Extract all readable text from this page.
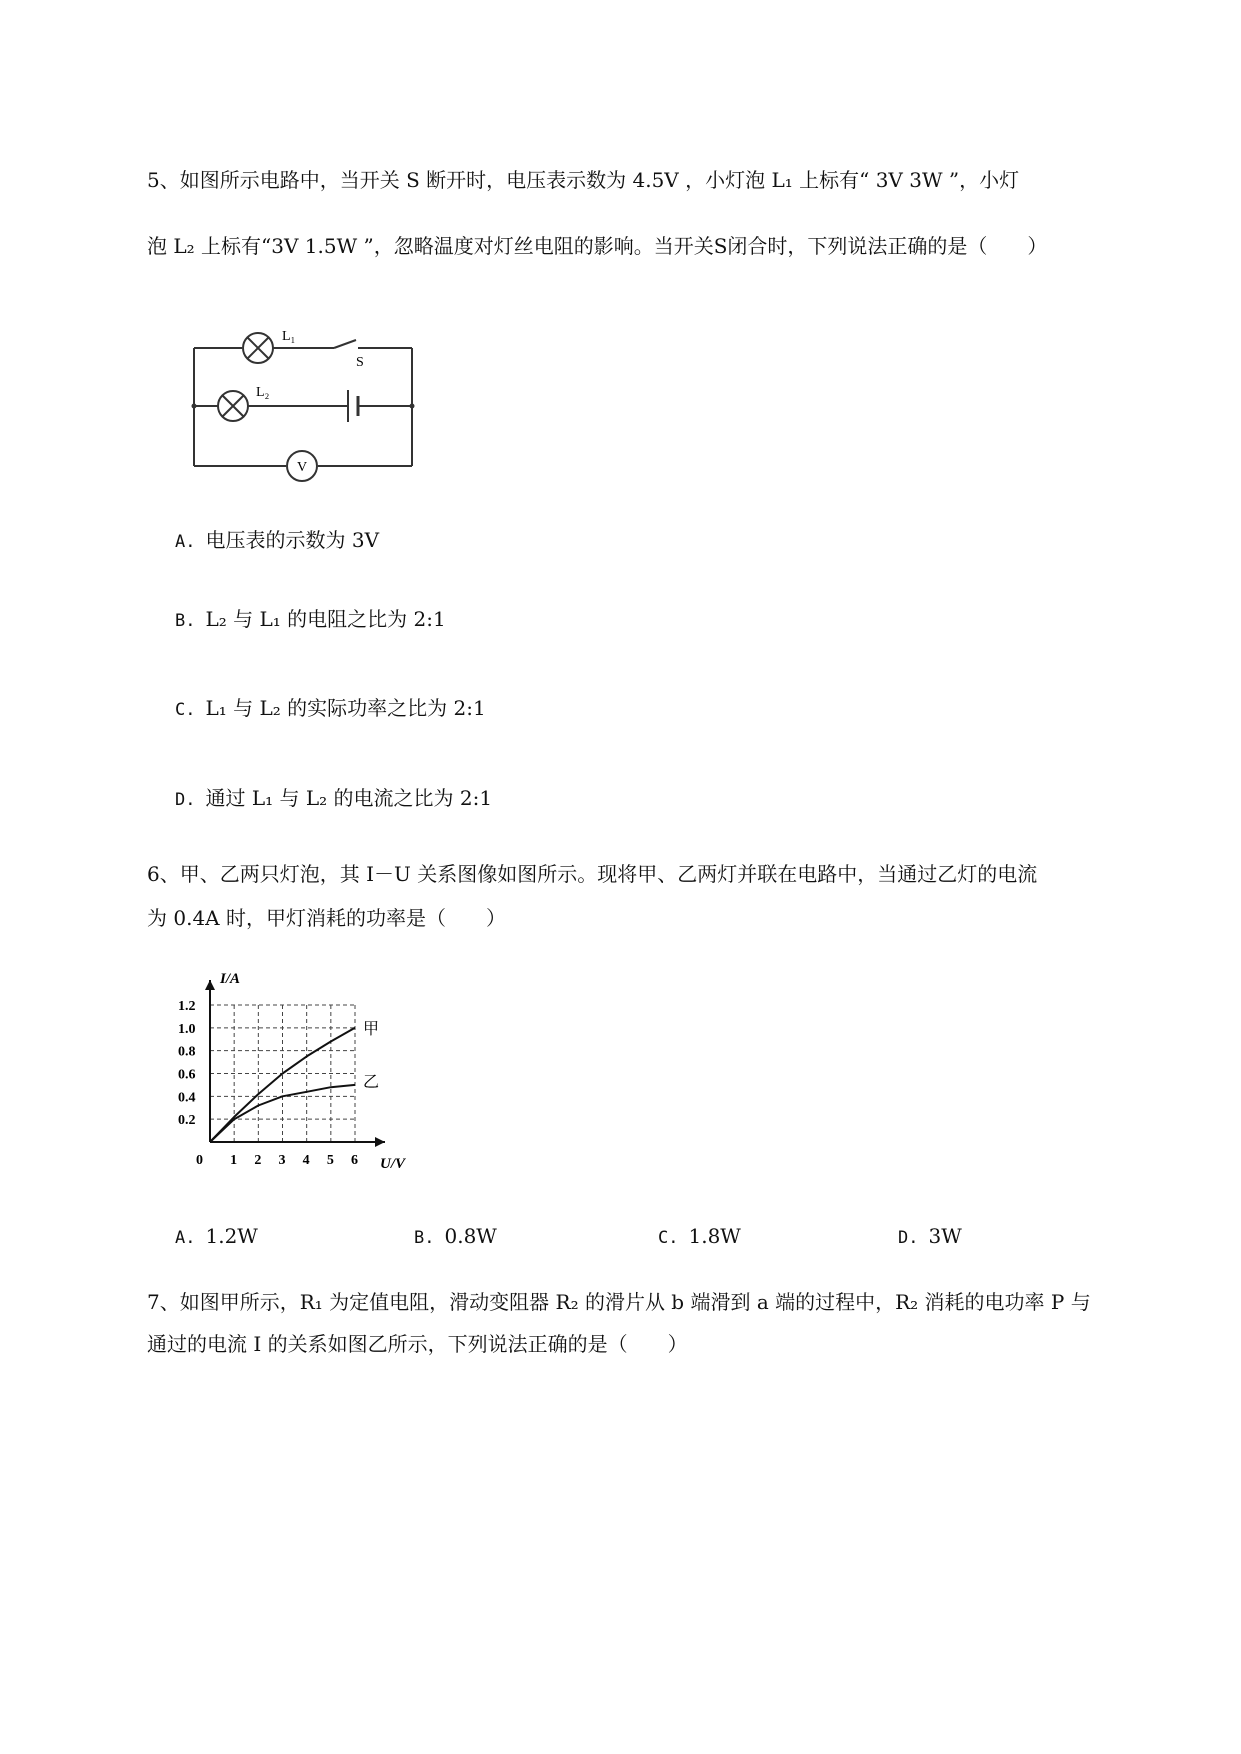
5、如图所示电路中，当开关 S 断开时，电压表示数为 4.5V ，小灯泡 L₁ 上标有“ 3V 3W ”，小灯
泡 L₂ 上标有“3V 1.5W ”，忽略温度对灯丝电阻的影响。当开关S闭合时，下列说法正确的是（　　）
L₁
L₂
S
V
A. 电压表的示数为 3V
B. L₂ 与 L₁ 的电阻之比为 2:1
C. L₁ 与 L₂ 的实际功率之比为 2:1
D. 通过 L₁ 与 L₂ 的电流之比为 2:1
6、甲、乙两只灯泡，其 I－U 关系图像如图所示。现将甲、乙两灯并联在电路中，当通过乙灯的电流
为 0.4A 时，甲灯消耗的功率是（　　）
0 1 2 3 4 5 6
0.2
0.4
0.6
0.8
1.0
1.2
U/V
I/A
甲
乙
A. 1.2W	B. 0.8W	C. 1.8W	D. 3W
7、如图甲所示，R₁ 为定值电阻，滑动变阻器 R₂ 的滑片从 b 端滑到 a 端的过程中，R₂ 消耗的电功率 P 与
通过的电流 I 的关系如图乙所示，下列说法正确的是（　　）
